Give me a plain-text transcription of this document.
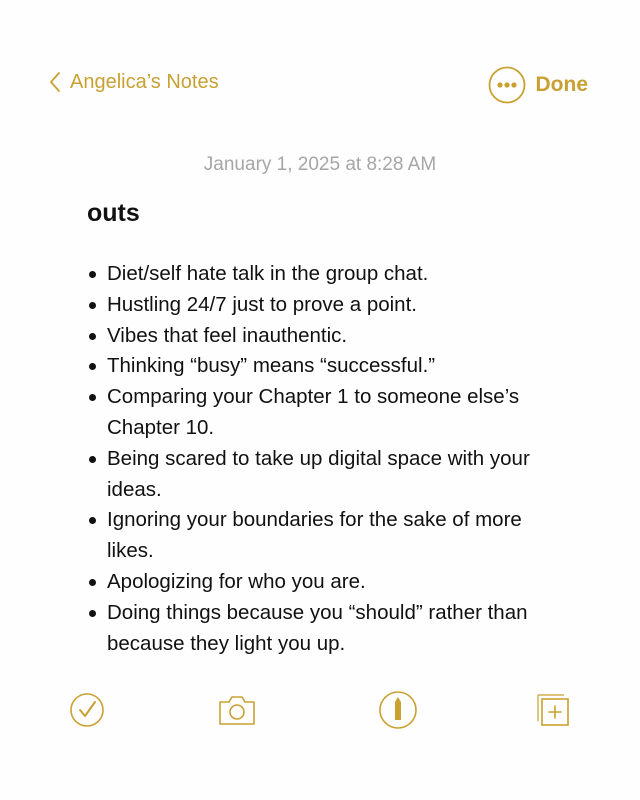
Angelica’s Notes	Done
January 1, 2025 at 8:28 AM
outs
Diet/self hate talk in the group chat.
Hustling 24/7 just to prove a point.
Vibes that feel inauthentic.
Thinking “busy” means “successful.”
Comparing your Chapter 1 to someone else’s Chapter 10.
Being scared to take up digital space with your ideas.
Ignoring your boundaries for the sake of more likes.
Apologizing for who you are.
Doing things because you “should” rather than because they light you up.
